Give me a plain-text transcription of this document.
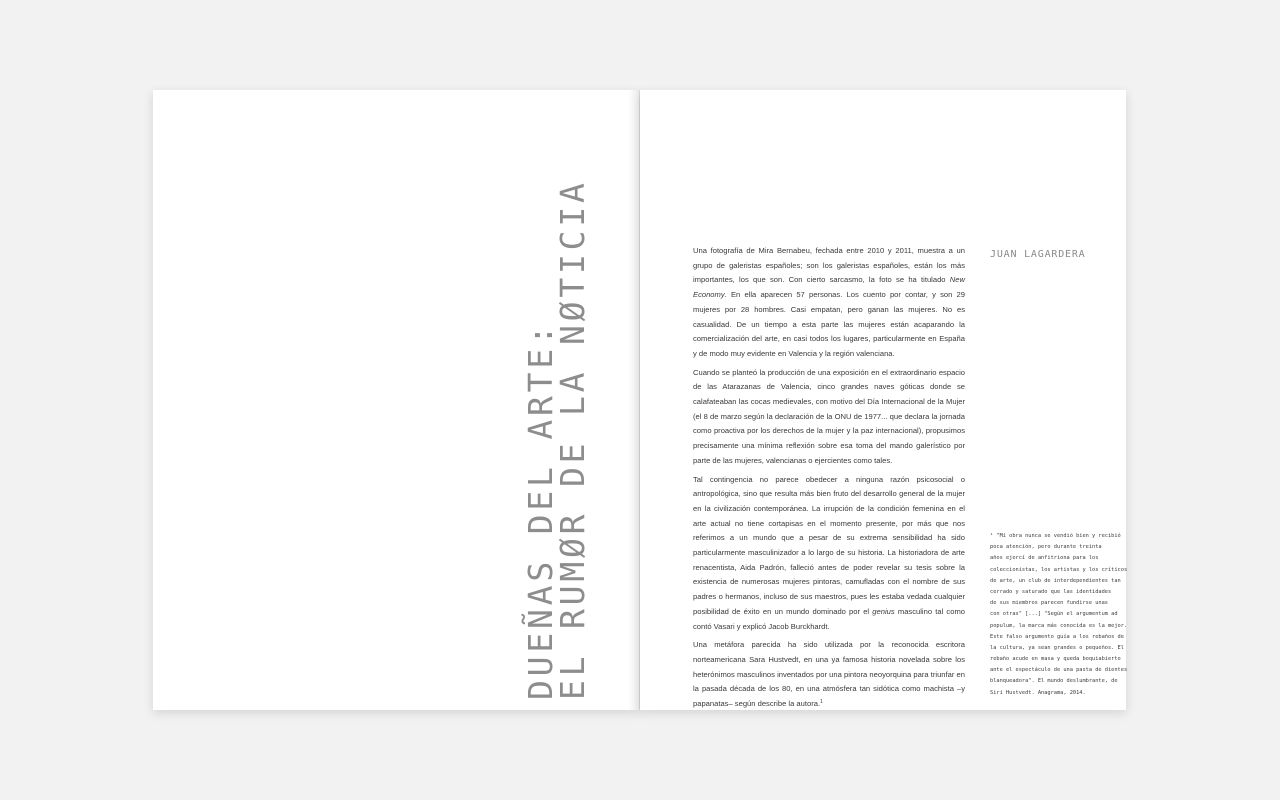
DUEÑAS DEL ARTE:
EL RUMØR DE LA NØTICIA	Una fotografía de Mira Bernabeu, fechada entre 2010 y 2011, muestra a un grupo de galeristas españoles; son los galeristas españoles, están los más importantes, los que son. Con cierto sarcasmo, la foto se ha titulado New Economy. En ella aparecen 57 personas. Los cuento por contar, y son 29 mujeres por 28 hombres. Casi empatan, pero ganan las mujeres. No es casualidad. De un tiempo a esta parte las mujeres están acaparando la comercialización del arte, en casi todos los lugares, particularmente en España y de modo muy evidente en Valencia y la región valenciana.

Cuando se planteó la producción de una exposición en el extraordinario espacio de las Atarazanas de Valencia, cinco grandes naves góticas donde se calafateaban las cocas medievales, con motivo del Día Internacional de la Mujer (el 8 de marzo según la declaración de la ONU de 1977... que declara la jornada como proactiva por los derechos de la mujer y la paz internacional), propusimos precisamente una mínima reflexión sobre esa toma del mando galerístico por parte de las mujeres, valencianas o ejercientes como tales.

Tal contingencia no parece obedecer a ninguna razón psicosocial o antropológica, sino que resulta más bien fruto del desarrollo general de la mujer en la civilización contemporánea. La irrupción de la condición femenina en el arte actual no tiene cortapisas en el momento presente, por más que nos referimos a un mundo que a pesar de su extrema sensibilidad ha sido particularmente masculinizador a lo largo de su historia. La historiadora de arte renacentista, Aida Padrón, falleció antes de poder revelar su tesis sobre la existencia de numerosas mujeres pintoras, camufladas con el nombre de sus padres o hermanos, incluso de sus maestros, pues les estaba vedada cualquier posibilidad de éxito en un mundo dominado por el genius masculino tal como contó Vasari y explicó Jacob Burckhardt.

Una metáfora parecida ha sido utilizada por la reconocida escritora norteamericana Sara Hustvedt, en una ya famosa historia novelada sobre los heterónimos masculinos inventados por una pintora neoyorquina para triunfar en la pasada década de los 80, en una atmósfera tan sidótica como machista –y papanatas– según describe la autora.$^1$

JUAN LAGARDERA
¹ "Mi obra nunca se vendió bien y recibió
poca atención, pero durante treinta
años ejercí de anfitriona para los
coleccionistas, los artistas y los críticos
de arte, un club de interdependientes tan
cerrado y saturado que las identidades
de sus miembros parecen fundirse unas
con otras" [...] "Según el argumentum ad
populum, la marca más conocida es la mejor.
Este falso argumento guía a los rebaños de
la cultura, ya sean grandes o pequeños. El
rebaño acude en masa y queda boquiabierto
ante el espectáculo de una pasta de dientes
blanqueadora". El mundo deslumbrante, de
Siri Hustvedt. Anagrama, 2014.
